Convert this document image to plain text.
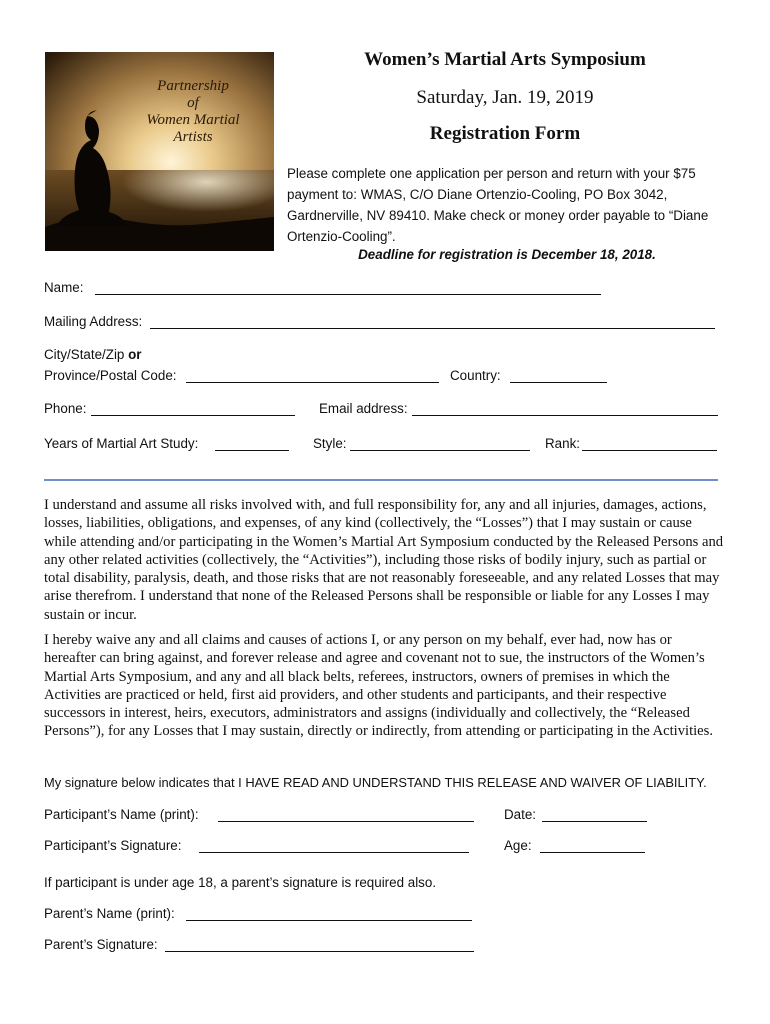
Partnership
of
Women Martial
Artists
Women’s Martial Arts Symposium
Saturday, Jan. 19, 2019
Registration Form
Please complete one application per person and return with your $75 payment to: WMAS, C/O Diane Ortenzio-Cooling, PO Box 3042, Gardnerville, NV 89410. Make check or money order payable to “Diane Ortenzio-Cooling”.
Deadline for registration is December 18, 2018.
Name:
Mailing Address:
City/State/Zip or
Province/Postal Code:	Country:
Phone:	Email address:
Years of Martial Art Study:	Style:	Rank:
I understand and assume all risks involved with, and full responsibility for, any and all injuries, damages, actions, losses, liabilities, obligations, and expenses, of any kind (collectively, the “Losses”) that I may sustain or cause while attending and/or participating in the Women’s Martial Art Symposium conducted by the Released Persons and any other related activities (collectively, the “Activities”), including those risks of bodily injury, such as partial or total disability, paralysis, death, and those risks that are not reasonably foreseeable, and any related Losses that may arise therefrom. I understand that none of the Released Persons shall be responsible or liable for any Losses I may sustain or incur.
I hereby waive any and all claims and causes of actions I, or any person on my behalf, ever had, now has or hereafter can bring against, and forever release and agree and covenant not to sue, the instructors of the Women’s Martial Arts Symposium, and any and all black belts, referees, instructors, owners of premises in which the Activities are practiced or held, first aid providers, and other students and participants, and their respective successors in interest, heirs, executors, administrators and assigns (individually and collectively, the “Released Persons”), for any Losses that I may sustain, directly or indirectly, from attending or participating in the Activities.
My signature below indicates that I HAVE READ AND UNDERSTAND THIS RELEASE AND WAIVER OF LIABILITY.
Participant’s Name (print):	Date:
Participant’s Signature:	Age:
If participant is under age 18, a parent’s signature is required also.
Parent’s Name (print):
Parent’s Signature:
